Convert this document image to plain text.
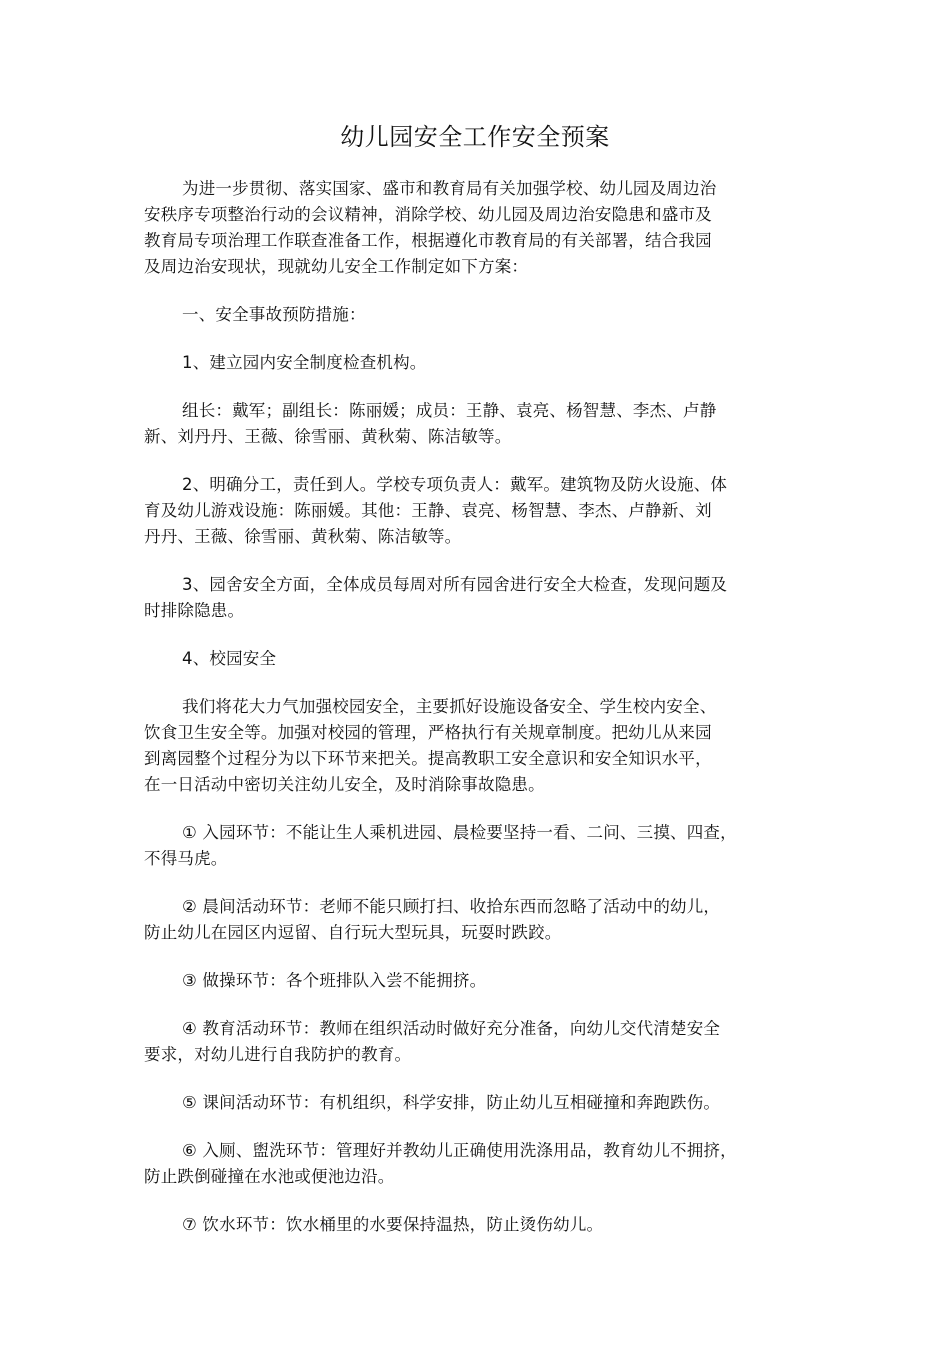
幼儿园安全工作安全预案

为进一步贯彻、落实国家、盛市和教育局有关加强学校、幼儿园及周边治
安秩序专项整治行动的会议精神，消除学校、幼儿园及周边治安隐患和盛市及
教育局专项治理工作联查准备工作，根据遵化市教育局的有关部署，结合我园
及周边治安现状，现就幼儿安全工作制定如下方案：

一、安全事故预防措施：

1、建立园内安全制度检查机构。

组长：戴军；副组长：陈丽媛；成员：王静、袁亮、杨智慧、李杰、卢静
新、刘丹丹、王薇、徐雪丽、黄秋菊、陈洁敏等。

2、明确分工，责任到人。学校专项负责人：戴军。建筑物及防火设施、体
育及幼儿游戏设施：陈丽媛。其他：王静、袁亮、杨智慧、李杰、卢静新、刘
丹丹、王薇、徐雪丽、黄秋菊、陈洁敏等。

3、园舍安全方面，全体成员每周对所有园舍进行安全大检查，发现问题及
时排除隐患。

4、校园安全

我们将花大力气加强校园安全，主要抓好设施设备安全、学生校内安全、
饮食卫生安全等。加强对校园的管理，严格执行有关规章制度。把幼儿从来园
到离园整个过程分为以下环节来把关。提高教职工安全意识和安全知识水平，
在一日活动中密切关注幼儿安全，及时消除事故隐患。

① 入园环节：不能让生人乘机进园、晨检要坚持一看、二问、三摸、四查，
不得马虎。

② 晨间活动环节：老师不能只顾打扫、收拾东西而忽略了活动中的幼儿，
防止幼儿在园区内逗留、自行玩大型玩具，玩耍时跌跤。

③ 做操环节：各个班排队入尝不能拥挤。

④ 教育活动环节：教师在组织活动时做好充分准备，向幼儿交代清楚安全
要求，对幼儿进行自我防护的教育。

⑤ 课间活动环节：有机组织，科学安排，防止幼儿互相碰撞和奔跑跌伤。

⑥ 入厕、盥洗环节：管理好并教幼儿正确使用洗涤用品，教育幼儿不拥挤，
防止跌倒碰撞在水池或便池边沿。

⑦ 饮水环节：饮水桶里的水要保持温热，防止烫伤幼儿。
